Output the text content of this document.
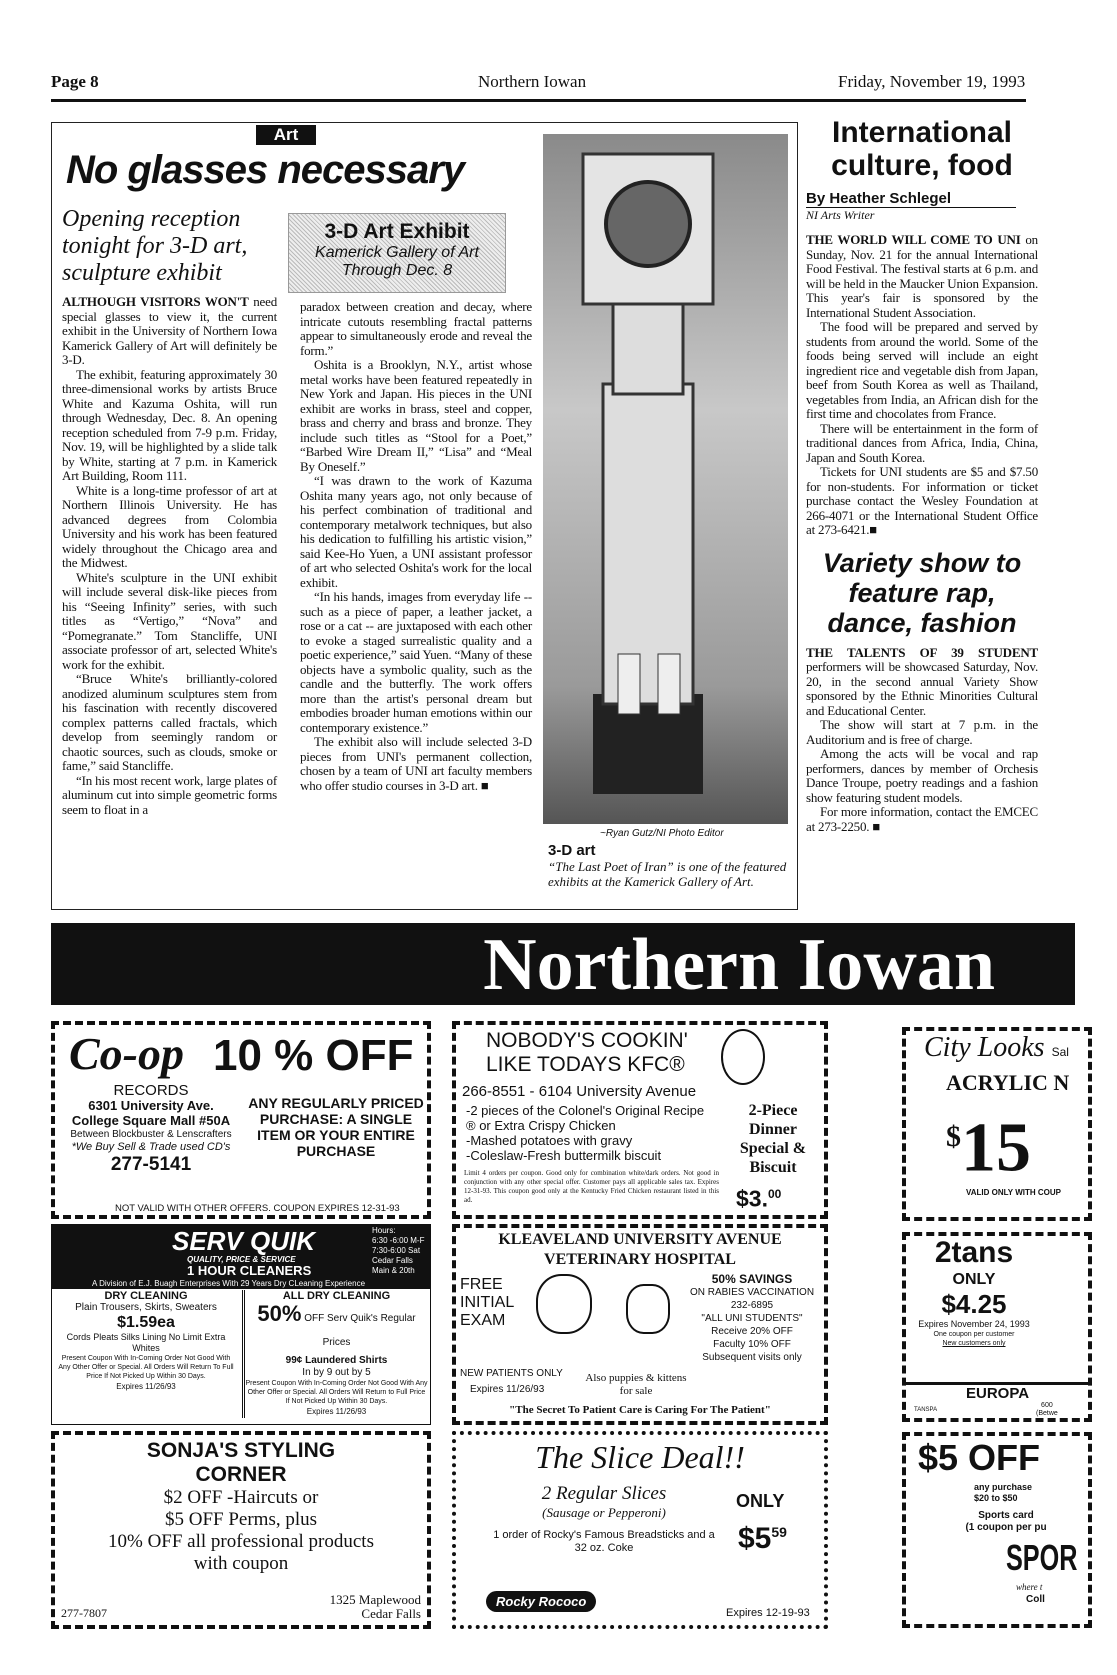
Page 8	Northern Iowan	Friday, November 19, 1993
Art
No glasses necessary
3-D Art Exhibit
Kamerick Gallery of Art
Through Dec. 8
Opening reception tonight for 3-D art, sculpture exhibit

ALTHOUGH VISITORS WON'T need special glasses to view it, the current exhibit in the University of Northern Iowa Kamerick Gallery of Art will definitely be 3-D.

The exhibit, featuring approximately 30 three-dimensional works by artists Bruce White and Kazuma Oshita, will run through Wednesday, Dec. 8. An opening reception scheduled from 7-9 p.m. Friday, Nov. 19, will be highlighted by a slide talk by White, starting at 7 p.m. in Kamerick Art Building, Room 111.

White is a long-time professor of art at Northern Illinois University. He has advanced degrees from Colombia University and his work has been featured widely throughout the Chicago area and the Midwest.

White's sculpture in the UNI exhibit will include several disk-like pieces from his “Seeing Infinity” series, with such titles as “Vertigo,” “Nova” and “Pomegranate.” Tom Stancliffe, UNI associate professor of art, selected White's work for the exhibit.

“Bruce White's brilliantly-colored anodized aluminum sculptures stem from his fascination with recently discovered complex patterns called fractals, which develop from seemingly random or chaotic sources, such as clouds, smoke or fame,” said Stancliffe.

“In his most recent work, large plates of aluminum cut into simple geometric forms seem to float in a

paradox between creation and decay, where intricate cutouts resembling fractal patterns appear to simultaneously erode and reveal the form.”

Oshita is a Brooklyn, N.Y., artist whose metal works have been featured repeatedly in New York and Japan. His pieces in the UNI exhibit are works in brass, steel and copper, brass and cherry and brass and bronze. They include such titles as “Stool for a Poet,” “Barbed Wire Dream II,” “Lisa” and “Meal By Oneself.”

“I was drawn to the work of Kazuma Oshita many years ago, not only because of his perfect combination of traditional and contemporary metalwork techniques, but also his dedication to fulfilling his artistic vision,” said Kee-Ho Yuen, a UNI assistant professor of art who selected Oshita's work for the local exhibit.

“In his hands, images from everyday life -- such as a piece of paper, a leather jacket, a rose or a cat -- are juxtaposed with each other to evoke a staged surrealistic quality and a poetic experience,” said Yuen. “Many of these objects have a symbolic quality, such as the candle and the butterfly. The work offers more than the artist's personal dream but embodies broader human emotions within our contemporary existence.”

The exhibit also will include selected 3-D pieces from UNI's permanent collection, chosen by a team of UNI art faculty members who offer studio courses in 3-D art. ■

~Ryan Gutz/NI Photo Editor
3-D art
“The Last Poet of Iran” is one of the featured exhibits at the Kamerick Gallery of Art.
International culture, food
By Heather Schlegel
NI Arts Writer

THE WORLD WILL COME TO UNI on Sunday, Nov. 21 for the annual International Food Festival. The festival starts at 6 p.m. and will be held in the Maucker Union Expansion. This year's fair is sponsored by the International Student Association.

The food will be prepared and served by students from around the world. Some of the foods being served will include an eight ingredient rice and vegetable dish from Japan, beef from South Korea as well as Thailand, vegetables from India, an African dish for the first time and chocolates from France.

There will be entertainment in the form of traditional dances from Africa, India, China, Japan and South Korea.

Tickets for UNI students are $5 and $7.50 for non-students. For information or ticket purchase contact the Wesley Foundation at 266-4071 or the International Student Office at 273-6421.■

Variety show to feature rap, dance, fashion

THE TALENTS OF 39 STUDENT performers will be showcased Saturday, Nov. 20, in the second annual Variety Show sponsored by the Ethnic Minorities Cultural and Educational Center.

The show will start at 7 p.m. in the Auditorium and is free of charge.

Among the acts will be vocal and rap performers, dances by member of Orchesis Dance Troupe, poetry readings and a fashion show featuring student models.

For more information, contact the EMCEC at 273-2250. ■

Northern Iowan
Co-op 10 % OFF
RECORDS
6301 University Ave.
College Square Mall #50A
Between Blockbuster & Lenscrafters
*We Buy Sell & Trade used CD's
277-5141
ANY REGULARLY PRICED PURCHASE: A SINGLE ITEM OR YOUR ENTIRE PURCHASE
NOT VALID WITH OTHER OFFERS. COUPON EXPIRES 12-31-93
SERV QUIK
QUALITY, PRICE & SERVICE
1 HOUR CLEANERS
Hours:
6:30 -6:00 M-F
7:30-6:00 Sat
Cedar Falls
Main & 20th
A Division of E.J. Buagh Enterprises With 29 Years Dry CLeaning Experience
DRY CLEANING
Plain Trousers, Skirts, Sweaters
$1.59ea
Cords Pleats Silks Lining No Limit Extra Whites
Present Coupon With In-Coming Order Not Good With Any Other Offer or Special. All Orders Will Return To Full Price If Not Picked Up Within 30 Days.
Expires 11/26/93
ALL DRY CLEANING
50% OFF Serv Quik's Regular Prices
99¢ Laundered Shirts
In by 9 out by 5
Present Coupon With In-Coming Order Not Good With Any Other Offer or Special. All Orders Will Return to Full Price If Not Picked Up Within 30 Days.
Expires 11/26/93
SONJA'S STYLING
CORNER
$2 OFF -Haircuts or
$5 OFF Perms, plus
10% OFF all professional products
with coupon
277-7807
1325 Maplewood
Cedar Falls
NOBODY'S COOKIN'
LIKE TODAYS KFC®
266-8551 - 6104 University Avenue
-2 pieces of the Colonel's Original Recipe ® or Extra Crispy Chicken
-Mashed potatoes with gravy
-Coleslaw-Fresh buttermilk biscuit
Limit 4 orders per coupon. Good only for combination white/dark orders. Not good in conjunction with any other special offer. Customer pays all applicable sales tax. Expires 12-31-93. This coupon good only at the Kentucky Fried Chicken restaurant listed in this ad.
2-Piece Dinner Special & Biscuit
$3.00
KLEAVELAND UNIVERSITY AVENUE
VETERINARY HOSPITAL
FREE INITIAL EXAM
NEW PATIENTS ONLY
Expires 11/26/93
Also puppies & kittens for sale
50% SAVINGS
ON RABIES VACCINATION
232-6895
"ALL UNI STUDENTS"
Receive 20% OFF
Faculty 10% OFF
Subsequent visits only
"The Secret To Patient Care is Caring For The Patient"
The Slice Deal!!
2 Regular Slices
(Sausage or Pepperoni)
1 order of Rocky's Famous Breadsticks and a 32 oz. Coke
ONLY
$\$5^{59}$
Rocky Rococo
Expires 12-19-93
City Looks Sal
ACRYLIC N
$15
VALID ONLY WITH COUP
2tans
ONLY
$4.25
Expires November 24, 1993
One coupon per customer
New customers only
EUROPA
TANSPA
600
(Betwe
$5 OFF
any purchase
$20 to $50
Sports card
(1 coupon per pu
SPOR
where t
Coll
